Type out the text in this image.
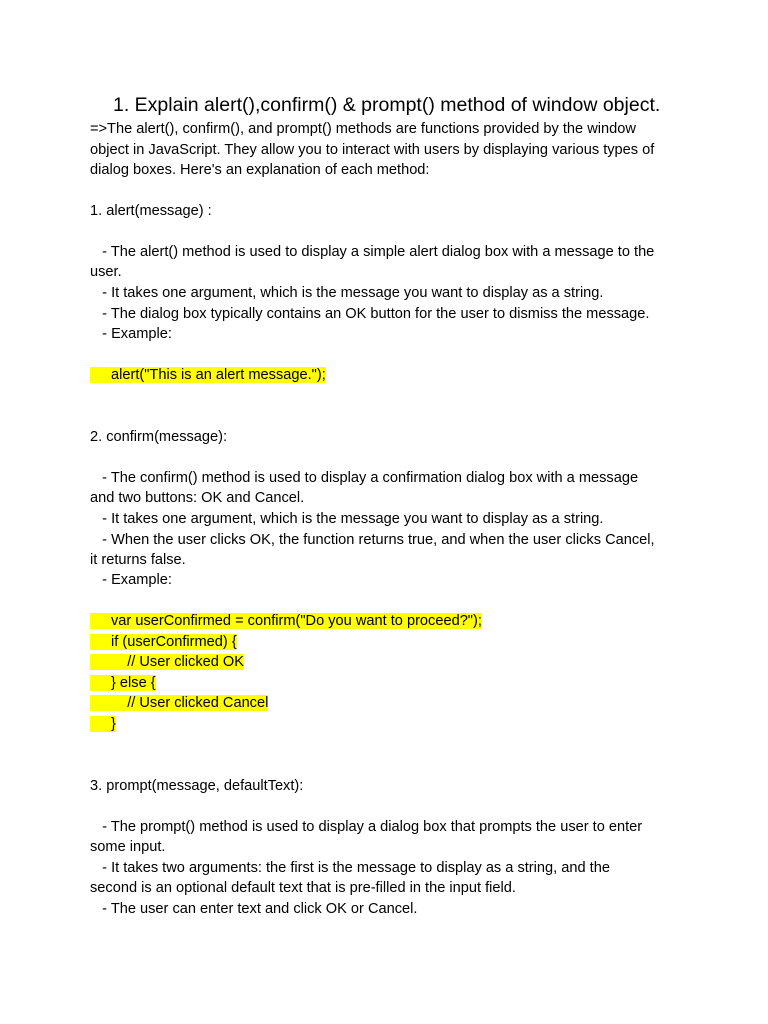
1. Explain alert(),confirm() & prompt() method of window object.
=>The alert(), confirm(), and prompt() methods are functions provided by the window
object in JavaScript. They allow you to interact with users by displaying various types of
dialog boxes. Here's an explanation of each method:
1. alert(message) :
- The alert() method is used to display a simple alert dialog box with a message to the
user.
- It takes one argument, which is the message you want to display as a string.
- The dialog box typically contains an OK button for the user to dismiss the message.
- Example:
alert("This is an alert message.");
2. confirm(message):
- The confirm() method is used to display a confirmation dialog box with a message
and two buttons: OK and Cancel.
- It takes one argument, which is the message you want to display as a string.
- When the user clicks OK, the function returns true, and when the user clicks Cancel,
it returns false.
- Example:
var userConfirmed = confirm("Do you want to proceed?");
if (userConfirmed) {
// User clicked OK
} else {
// User clicked Cancel
}
3. prompt(message, defaultText):
- The prompt() method is used to display a dialog box that prompts the user to enter
some input.
- It takes two arguments: the first is the message to display as a string, and the
second is an optional default text that is pre-filled in the input field.
- The user can enter text and click OK or Cancel.
